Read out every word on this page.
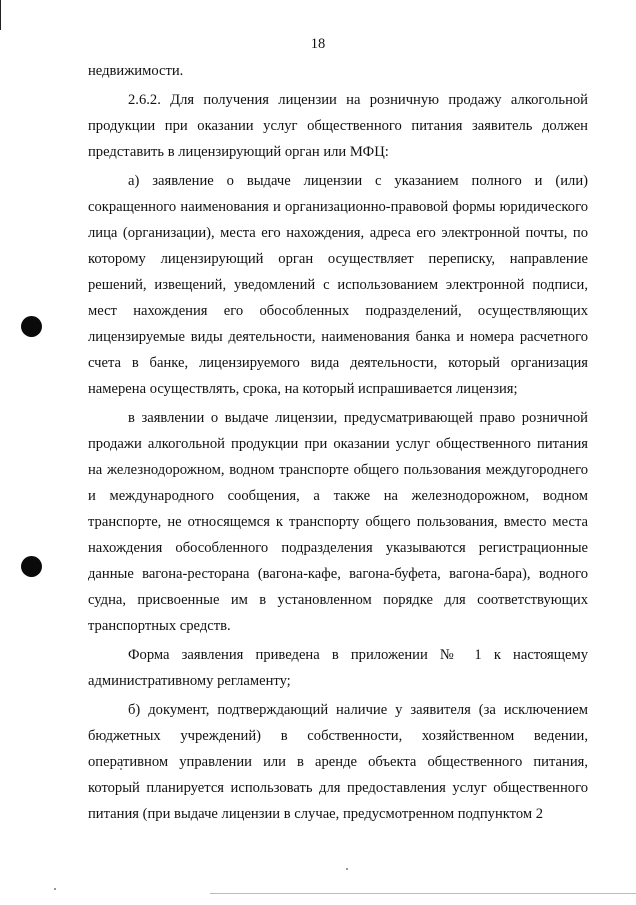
18

недвижимости.

2.6.2. Для получения лицензии на розничную продажу алкогольной продукции при оказании услуг общественного питания заявитель должен представить в лицензирующий орган или МФЦ:

а) заявление о выдаче лицензии с указанием полного и (или) сокращенного наименования и организационно-правовой формы юридического лица (организации), места его нахождения, адреса его электронной почты, по которому лицензирующий орган осуществляет переписку, направление решений, извещений, уведомлений с использованием электронной подписи, мест нахождения его обособленных подразделений, осуществляющих лицензируемые виды деятельности, наименования банка и номера расчетного счета в банке, лицензируемого вида деятельности, который организация намерена осуществлять, срока, на который испрашивается лицензия;

в заявлении о выдаче лицензии, предусматривающей право розничной продажи алкогольной продукции при оказании услуг общественного питания на железнодорожном, водном транспорте общего пользования междугороднего и международного сообщения, а также на железнодорожном, водном транспорте, не относящемся к транспорту общего пользования, вместо места нахождения обособленного подразделения указываются регистрационные данные вагона-ресторана (вагона-кафе, вагона-буфета, вагона-бара), водного судна, присвоенные им в установленном порядке для соответствующих транспортных средств.

Форма заявления приведена в приложении № 1 к настоящему административному регламенту;

б) документ, подтверждающий наличие у заявителя (за исключением бюджетных учреждений) в собственности, хозяйственном ведении, оперативном управлении или в аренде объекта общественного питания, который планируется использовать для предоставления услуг общественного питания (при выдаче лицензии в случае, предусмотренном подпунктом 2
